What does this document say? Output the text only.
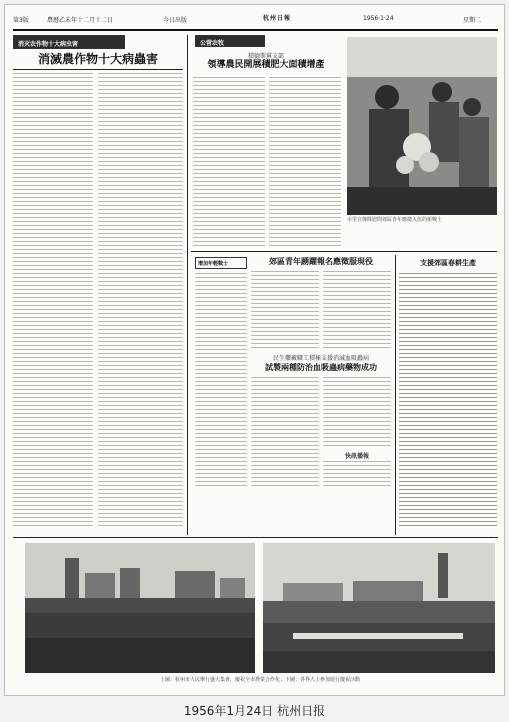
第3版	農曆乙未年十二月十二日	今日出版	杭州日報	1956·1·24	星期二
消灭农作物十大病虫害
消滅農作物十大病蟲害
公营农牧
積德斯黨支部
領導農民開展積肥大面積增產
市里宣傳隊慰問郊區青年應徵入伍的新戰士
增加年輕戰士	郊區青年踴躍報名應徵服現役
民生藥廠職工積極支援消滅血吸蟲病
試製兩種防治血吸蟲病藥物成功
快訊播報
支援郊區春耕生產
上圖：杭州市人民舉行盛大集會，慶祝全市農業合作化；下圖：各界人士參加遊行慶祝活動
1956年1月24日 杭州日报
